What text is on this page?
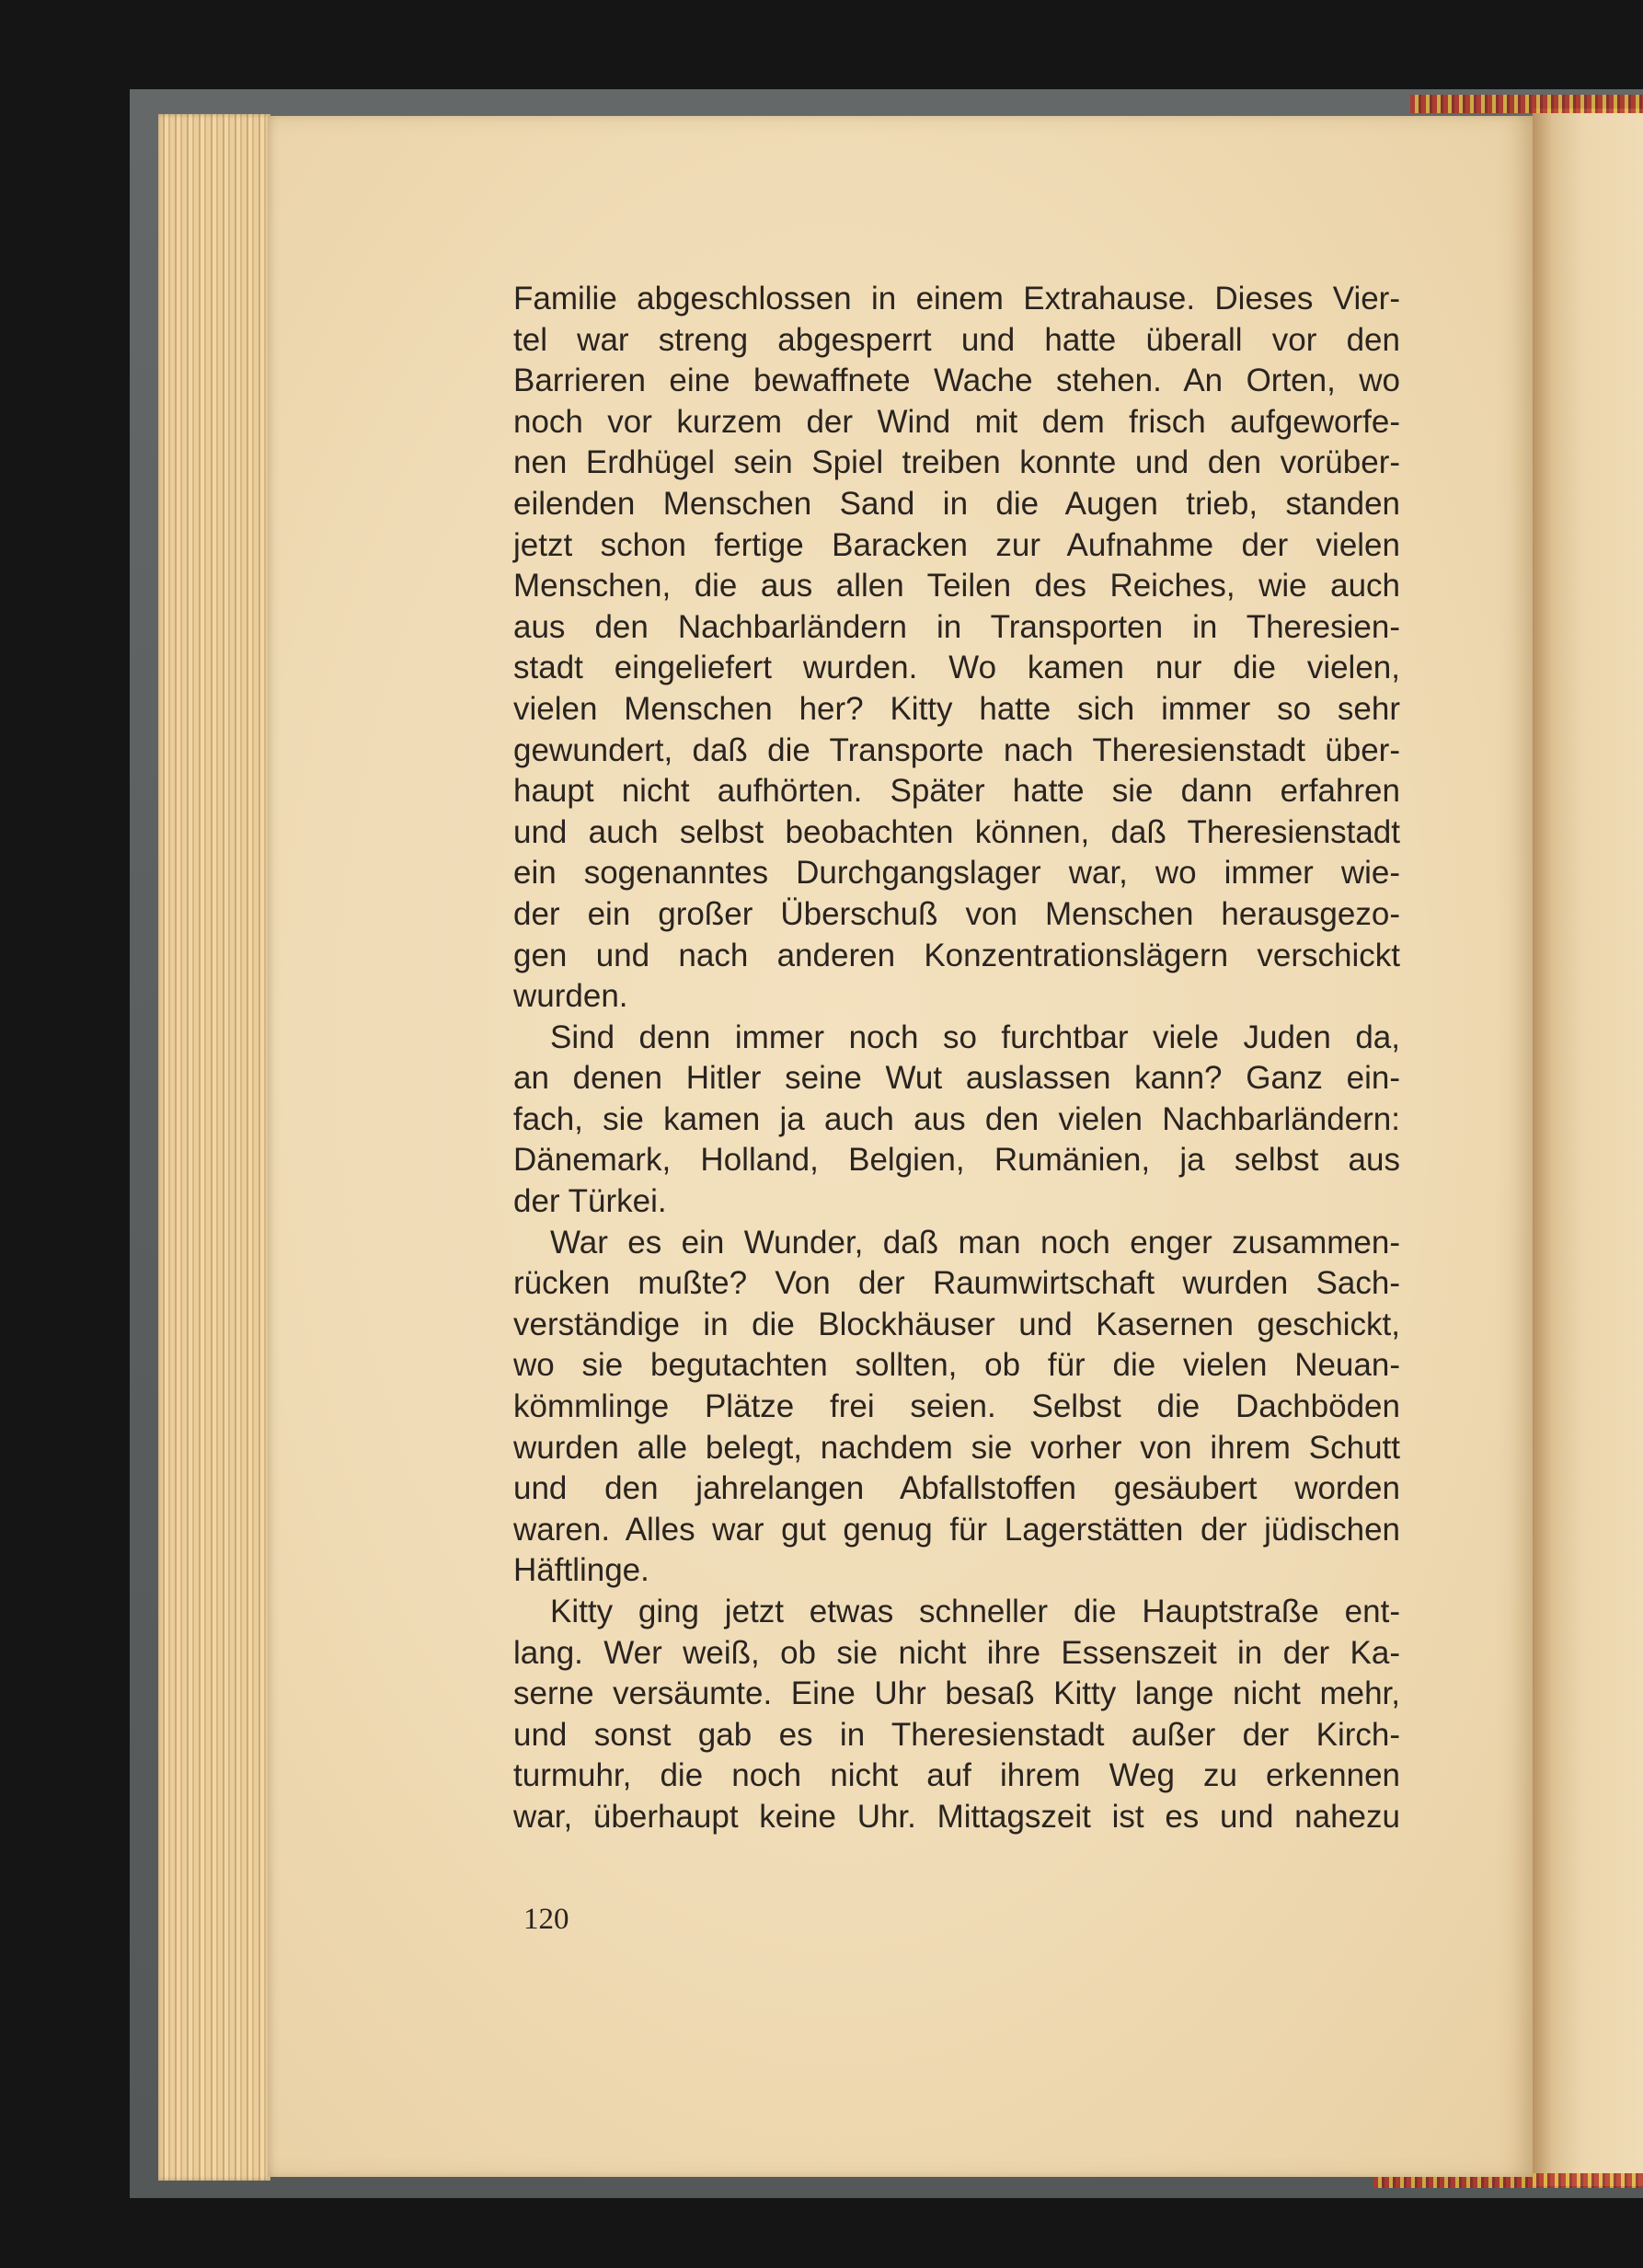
Familie abgeschlossen in einem Extrahause. Dieses Vier-
tel war streng abgesperrt und hatte überall vor den
Barrieren eine bewaffnete Wache stehen. An Orten, wo
noch vor kurzem der Wind mit dem frisch aufgeworfe-
nen Erdhügel sein Spiel treiben konnte und den vorüber-
eilenden Menschen Sand in die Augen trieb, standen
jetzt schon fertige Baracken zur Aufnahme der vielen
Menschen, die aus allen Teilen des Reiches, wie auch
aus den Nachbarländern in Transporten in Theresien-
stadt eingeliefert wurden. Wo kamen nur die vielen,
vielen Menschen her? Kitty hatte sich immer so sehr
gewundert, daß die Transporte nach Theresienstadt über-
haupt nicht aufhörten. Später hatte sie dann erfahren
und auch selbst beobachten können, daß Theresienstadt
ein sogenanntes Durchgangslager war, wo immer wie-
der ein großer Überschuß von Menschen herausgezo-
gen und nach anderen Konzentrationslägern verschickt
wurden.
Sind denn immer noch so furchtbar viele Juden da,
an denen Hitler seine Wut auslassen kann? Ganz ein-
fach, sie kamen ja auch aus den vielen Nachbarländern:
Dänemark, Holland, Belgien, Rumänien, ja selbst aus
der Türkei.
War es ein Wunder, daß man noch enger zusammen-
rücken mußte? Von der Raumwirtschaft wurden Sach-
verständige in die Blockhäuser und Kasernen geschickt,
wo sie begutachten sollten, ob für die vielen Neuan-
kömmlinge Plätze frei seien. Selbst die Dachböden
wurden alle belegt, nachdem sie vorher von ihrem Schutt
und den jahrelangen Abfallstoffen gesäubert worden
waren. Alles war gut genug für Lagerstätten der jüdischen
Häftlinge.
Kitty ging jetzt etwas schneller die Hauptstraße ent-
lang. Wer weiß, ob sie nicht ihre Essenszeit in der Ka-
serne versäumte. Eine Uhr besaß Kitty lange nicht mehr,
und sonst gab es in Theresienstadt außer der Kirch-
turmuhr, die noch nicht auf ihrem Weg zu erkennen
war, überhaupt keine Uhr. Mittagszeit ist es und nahezu
120
